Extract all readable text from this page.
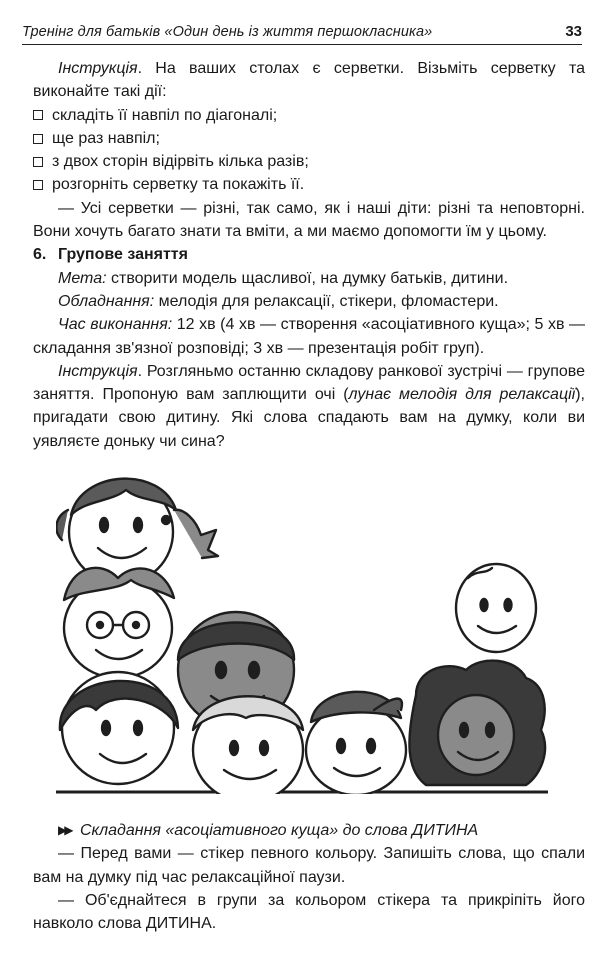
Тренінг для батьків «Один день із життя першокласника»	33

Інструкція. На ваших столах є серветки. Візьміть серветку та виконайте такі дії:

складіть її навпіл по діагоналі;
ще раз навпіл;
з двох сторін відірвіть кілька разів;
розгорніть серветку та покажіть її.

— Усі серветки — різні, так само, як і наші діти: різні та неповторні. Вони хочуть багато знати та вміти, а ми маємо допомогти їм у цьому.

6. Групове заняття

Мета: створити модель щасливої, на думку батьків, дитини.

Обладнання: мелодія для релаксації, стікери, фломастери.

Час виконання: 12 хв (4 хв — створення «асоціативного куща»; 5 хв — складання зв'язної розповіді; 3 хв — презентація робіт груп).

Інструкція. Розгляньмо останню складову ранкової зустрічі — групове заняття. Пропоную вам заплющити очі (лунає мелодія для релаксації), пригадати свою дитину. Які слова спадають вам на думку, коли ви уявляєте доньку чи сина?

▶▶ Складання «асоціативного куща» до слова ДИТИНА

— Перед вами — стікер певного кольору. Запишіть слова, що спали вам на думку під час релаксаційної паузи.

— Об'єднайтеся в групи за кольором стікера та прикріпіть його навколо слова ДИТИНА.
